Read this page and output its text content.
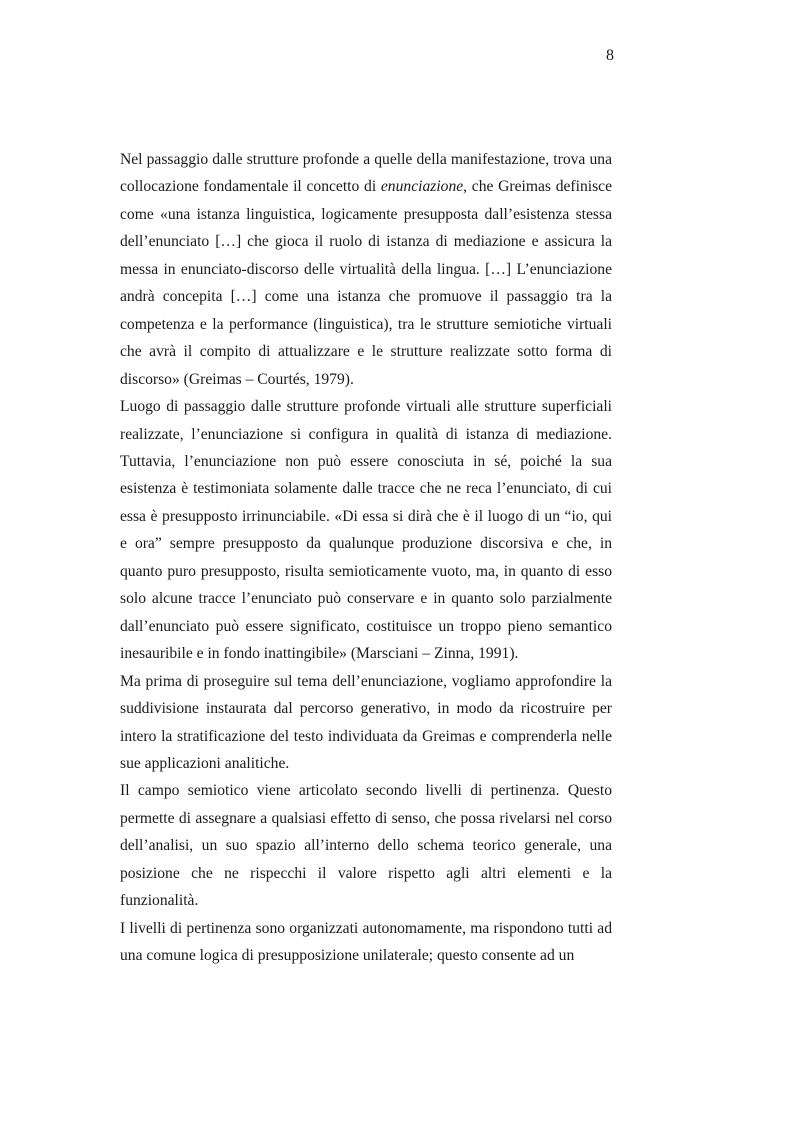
8

Nel passaggio dalle strutture profonde a quelle della manifestazione, trova una collocazione fondamentale il concetto di enunciazione, che Greimas definisce come «una istanza linguistica, logicamente presupposta dall’esistenza stessa dell’enunciato […] che gioca il ruolo di istanza di mediazione e assicura la messa in enunciato-discorso delle virtualità della lingua. […] L’enunciazione andrà concepita […] come una istanza che promuove il passaggio tra la competenza e la performance (linguistica), tra le strutture semiotiche virtuali che avrà il compito di attualizzare e le strutture realizzate sotto forma di discorso» (Greimas – Courtés, 1979).

Luogo di passaggio dalle strutture profonde virtuali alle strutture superficiali realizzate, l’enunciazione si configura in qualità di istanza di mediazione. Tuttavia, l’enunciazione non può essere conosciuta in sé, poiché la sua esistenza è testimoniata solamente dalle tracce che ne reca l’enunciato, di cui essa è presupposto irrinunciabile. «Di essa si dirà che è il luogo di un “io, qui e ora” sempre presupposto da qualunque produzione discorsiva e che, in quanto puro presupposto, risulta semioticamente vuoto, ma, in quanto di esso solo alcune tracce l’enunciato può conservare e in quanto solo parzialmente dall’enunciato può essere significato, costituisce un troppo pieno semantico inesauribile e in fondo inattingibile» (Marsciani – Zinna, 1991).

Ma prima di proseguire sul tema dell’enunciazione, vogliamo approfondire la suddivisione instaurata dal percorso generativo, in modo da ricostruire per intero la stratificazione del testo individuata da Greimas e comprenderla nelle sue applicazioni analitiche.

Il campo semiotico viene articolato secondo livelli di pertinenza. Questo permette di assegnare a qualsiasi effetto di senso, che possa rivelarsi nel corso dell’analisi, un suo spazio all’interno dello schema teorico generale, una posizione che ne rispecchi il valore rispetto agli altri elementi e la funzionalità.

I livelli di pertinenza sono organizzati autonomamente, ma rispondono tutti ad una comune logica di presupposizione unilaterale; questo consente ad un
